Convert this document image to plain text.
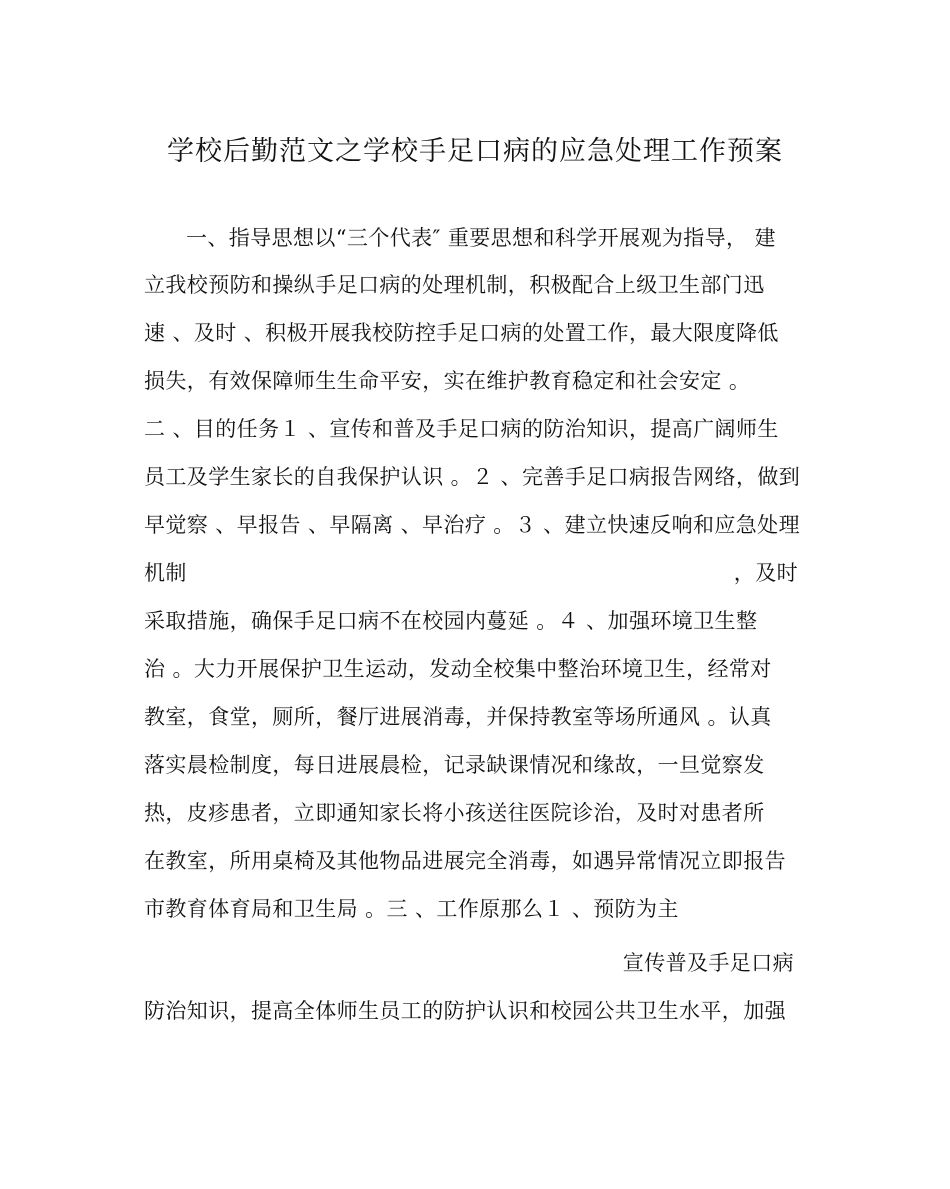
学校后勤范文之学校手足口病的应急处理工作预案
一、指导思想以“三个代表″ 重要思想和科学开展观为指导， 建
立我校预防和操纵手足口病的处理机制，积极配合上级卫生部门迅
速 、及时 、积极开展我校防控手足口病的处置工作，最大限度降低
损失，有效保障师生生命平安，实在维护教育稳定和社会安定 。
二 、目的任务１ 、宣传和普及手足口病的防治知识，提高广阔师生
员工及学生家长的自我保护认识 。２ 、完善手足口病报告网络，做到
早觉察 、早报告 、早隔离 、早治疗 。３ 、建立快速反响和应急处理
机制	，及时
采取措施，确保手足口病不在校园内蔓延 。４ 、加强环境卫生整
治 。大力开展保护卫生运动，发动全校集中整治环境卫生，经常对
教室，食堂，厕所，餐厅进展消毒，并保持教室等场所通风 。认真
落实晨检制度，每日进展晨检，记录缺课情况和缘故，一旦觉察发
热，皮疹患者，立即通知家长将小孩送往医院诊治，及时对患者所
在教室，所用桌椅及其他物品进展完全消毒，如遇异常情况立即报告
市教育体育局和卫生局 。三 、工作原那么１ 、预防为主
宣传普及手足口病
防治知识，提高全体师生员工的防护认识和校园公共卫生水平，加强
